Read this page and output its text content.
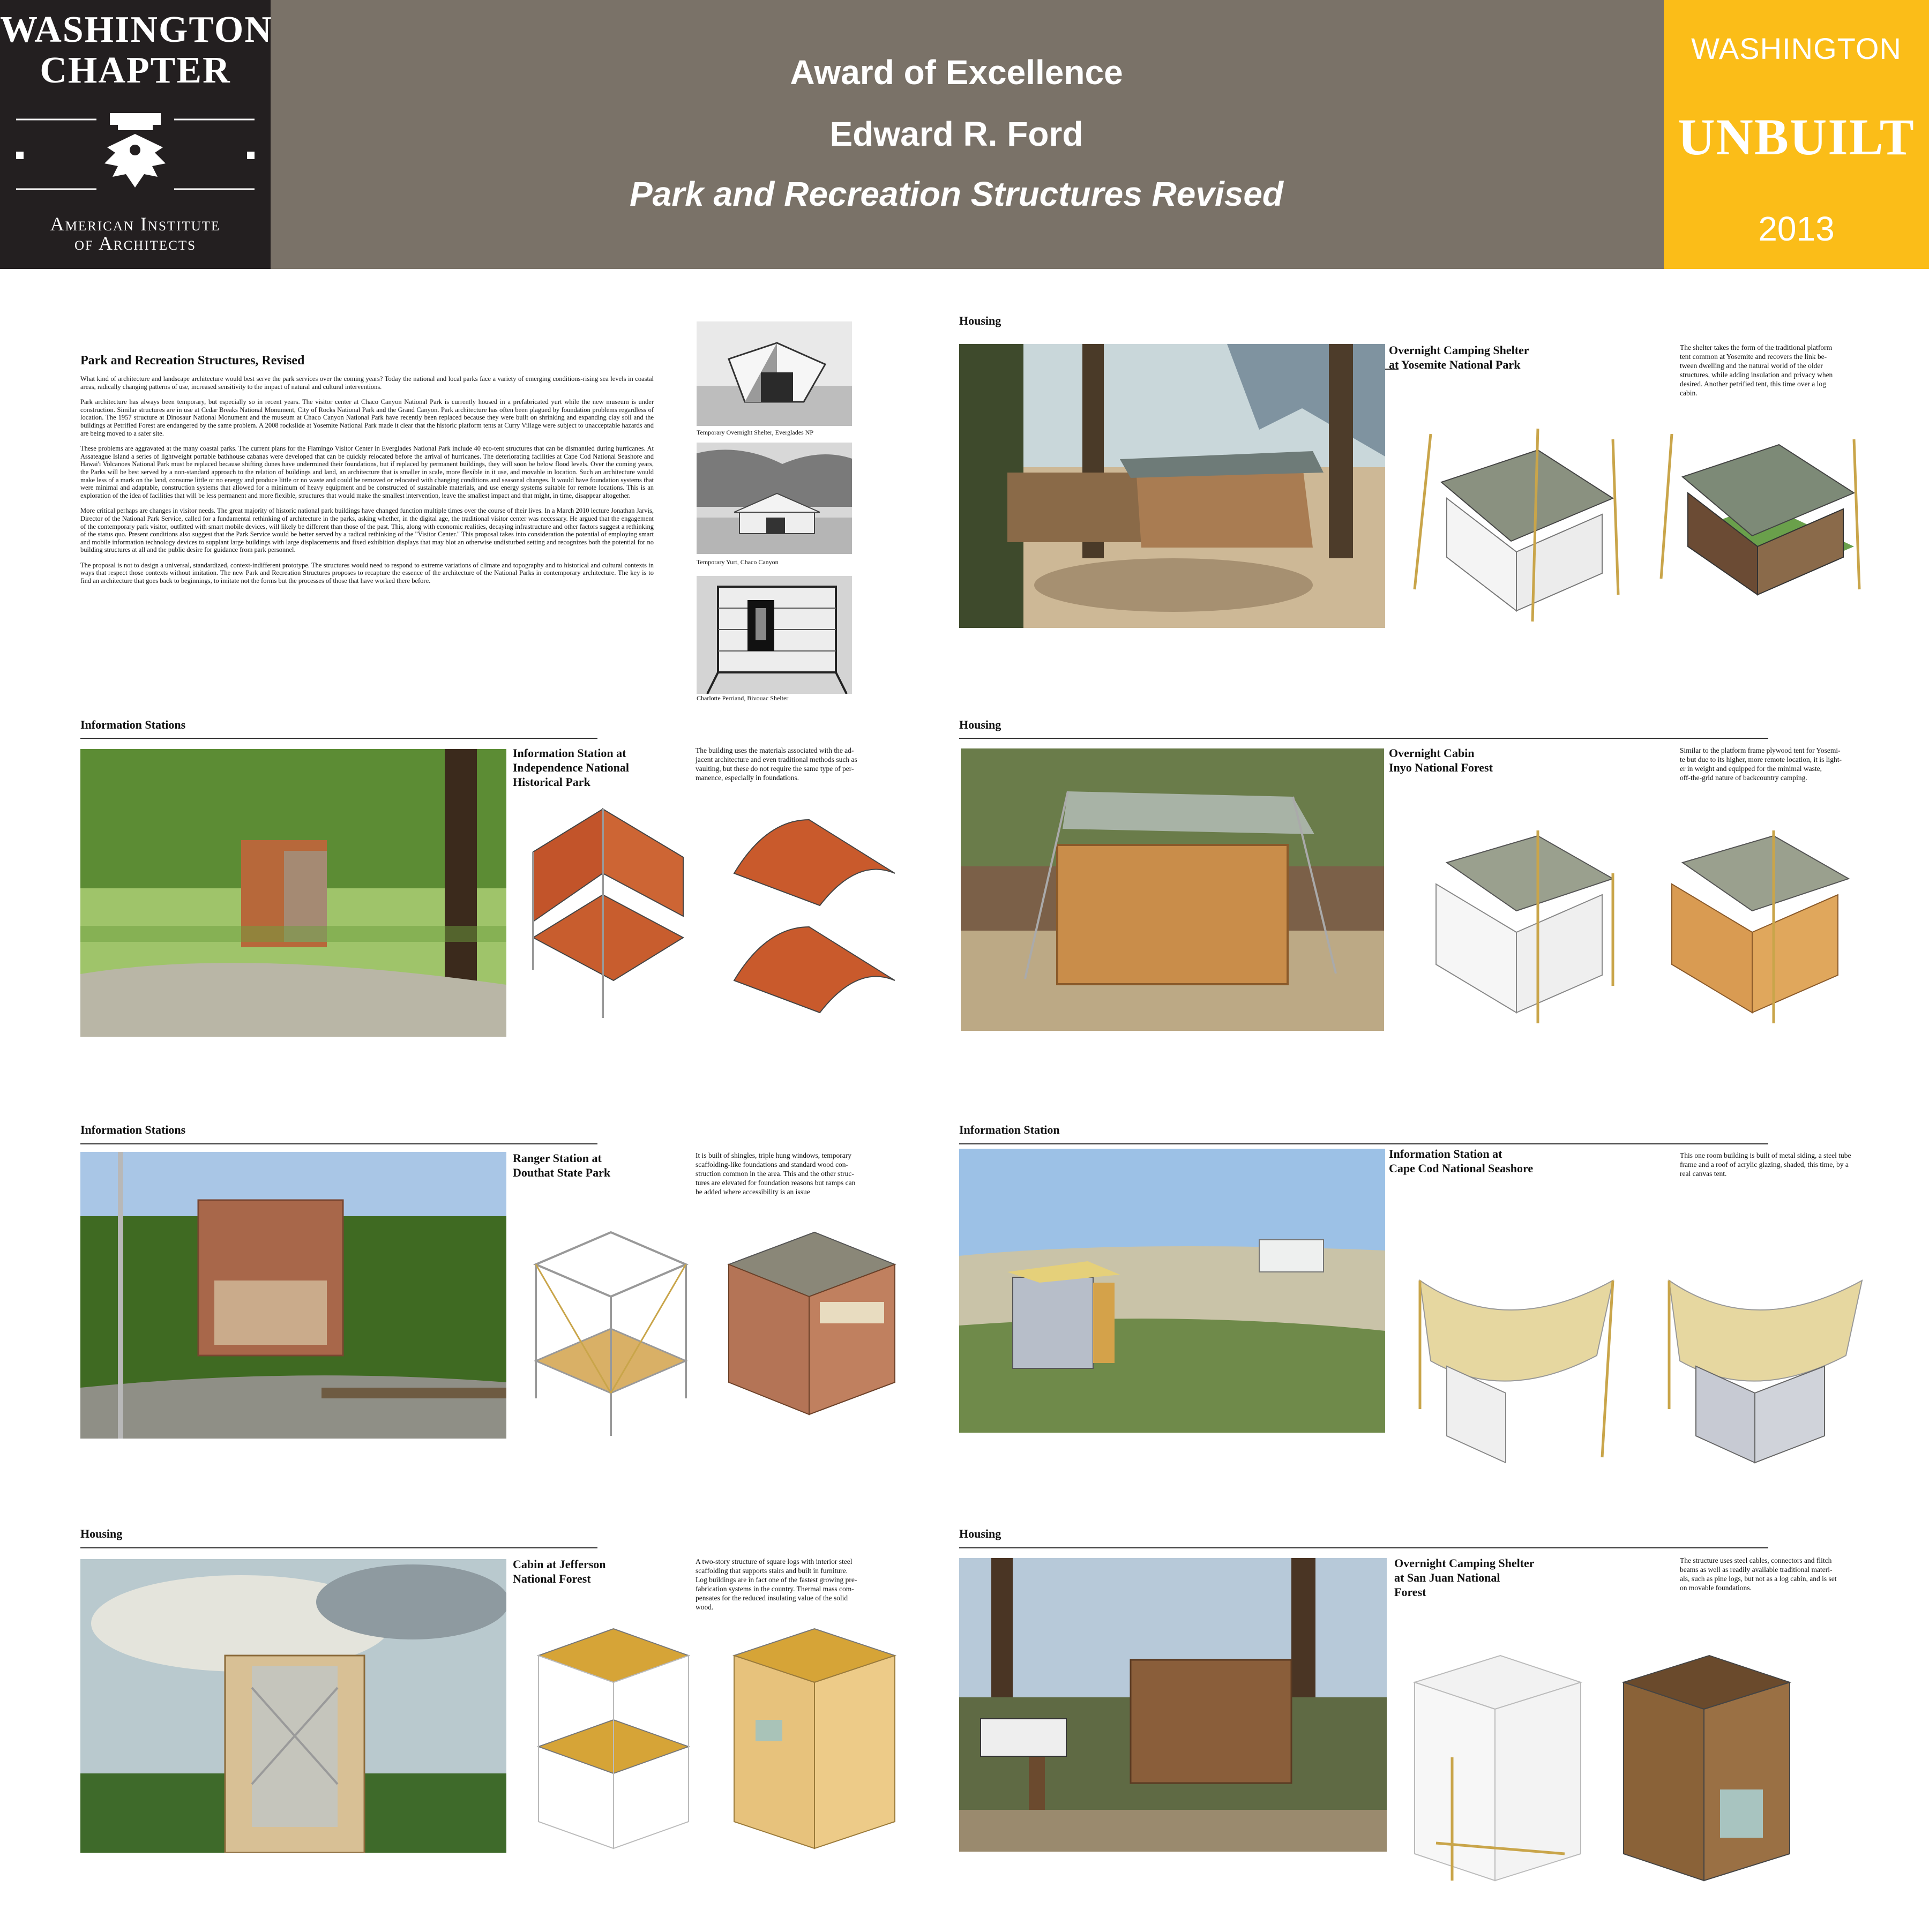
WASHINGTON
CHAPTER
American Institute
of Architects
Award of Excellence
Edward R. Ford
Park and Recreation Structures Revised
WASHINGTON
UNBUILT
2013
Park and Recreation Structures, Revised

What kind of architecture and landscape architecture would best serve the park services over the coming years? Today the national and local parks face a variety of emerging conditions-rising sea levels in coastal areas, radically changing patterns of use, increased sensitivity to the impact of natural and cultural interventions.

Park architecture has always been temporary, but especially so in recent years. The visitor center at Chaco Canyon National Park is currently housed in a prefabricated yurt while the new museum is under construction. Similar structures are in use at Cedar Breaks National Monument, City of Rocks National Park and the Grand Canyon. Park architecture has often been plagued by foundation problems regardless of location. The 1957 structure at Dinosaur National Monument and the museum at Chaco Canyon National Park have recently been replaced because they were built on shrinking and expanding clay soil and the buildings at Petrified Forest are endangered by the same problem. A 2008 rockslide at Yosemite National Park made it clear that the historic platform tents at Curry Village were subject to unacceptable hazards and are being moved to a safer site.

These problems are aggravated at the many coastal parks. The current plans for the Flamingo Visitor Center in Everglades National Park include 40 eco-tent structures that can be dismantled during hurricanes. At Assateague Island a series of lightweight portable bathhouse cabanas were developed that can be quickly relocated before the arrival of hurricanes. The deteriorating facilities at Cape Cod National Seashore and Hawai'i Volcanoes National Park must be replaced because shifting dunes have undermined their foundations, but if replaced by permanent buildings, they will soon be below flood levels. Over the coming years, the Parks will be best served by a non-standard approach to the relation of buildings and land, an architecture that is smaller in scale, more flexible in it use, and movable in location. Such an architecture would make less of a mark on the land, consume little or no energy and produce little or no waste and could be removed or relocated with changing conditions and seasonal changes. It would have foundation systems that were minimal and adaptable, construction systems that allowed for a minimum of heavy equipment and be constructed of sustainable materials, and use energy systems suitable for remote locations. This is an exploration of the idea of facilities that will be less permanent and more flexible, structures that would make the smallest intervention, leave the smallest impact and that might, in time, disappear altogether.

More critical perhaps are changes in visitor needs. The great majority of historic national park buildings have changed function multiple times over the course of their lives. In a March 2010 lecture Jonathan Jarvis, Director of the National Park Service, called for a fundamental rethinking of architecture in the parks, asking whether, in the digital age, the traditional visitor center was necessary. He argued that the engagement of the contemporary park visitor, outfitted with smart mobile devices, will likely be different than those of the past. This, along with economic realities, decaying infrastructure and other factors suggest a rethinking of the status quo. Present conditions also suggest that the Park Service would be better served by a radical rethinking of the "Visitor Center." This proposal takes into consideration the potential of employing smart and mobile information technology devices to supplant large buildings with large displacements and fixed exhibition displays that may blot an otherwise undisturbed setting and recognizes both the potential for no building structures at all and the public desire for guidance from park personnel.

The proposal is not to design a universal, standardized, context-indifferent prototype. The structures would need to respond to extreme variations of climate and topography and to historical and cultural contexts in ways that respect those contexts without imitation. The new Park and Recreation Structures proposes to recapture the essence of the architecture of the National Parks in contemporary architecture. The key is to find an architecture that goes back to beginnings, to imitate not the forms but the processes of those that have worked there before.

Temporary Overnight Shelter, Everglades NP
Temporary Yurt, Chaco Canyon
Charlotte Perriand, Bivouac Shelter
Housing
Overnight Camping Shelter
at Yosemite National Park
The shelter takes the form of the traditional platform
tent common at Yosemite and recovers the link be-
tween dwelling and the natural world of the older
structures, while adding insulation and privacy when
desired. Another petrified tent, this time over a log
cabin.
Information Stations
Information Station at
Independence National
Historical Park
The building uses the materials associated with the ad-
jacent architecture and even traditional methods such as
vaulting, but these do not require the same type of per-
manence, especially in foundations.
Housing
Overnight Cabin
Inyo National Forest
Similar to the platform frame plywood tent for Yosemi-
te but due to its higher, more remote location, it is light-
er in weight and equipped for the minimal waste,
off-the-grid nature of backcountry camping.
Information Stations
Ranger Station at
Douthat State Park
It is built of shingles, triple hung windows, temporary
scaffolding-like foundations and standard wood con-
struction common in the area. This and the other struc-
tures are elevated for foundation reasons but ramps can
be added where accessibility is an issue
Information Station
Information Station at
Cape Cod National Seashore
This one room building is built of metal siding, a steel tube
frame and a roof of acrylic glazing, shaded, this time, by a
real canvas tent.
Housing
Cabin at Jefferson
National Forest
A two-story structure of square logs with interior steel
scaffolding that supports stairs and built in furniture.
Log buildings are in fact one of the fastest growing pre-
fabrication systems in the country. Thermal mass com-
pensates for the reduced insulating value of the solid
wood.
Housing
Overnight Camping Shelter
at San Juan National
Forest
The structure uses steel cables, connectors and flitch
beams as well as readily available traditional materi-
als, such as pine logs, but not as a log cabin, and is set
on movable foundations.
